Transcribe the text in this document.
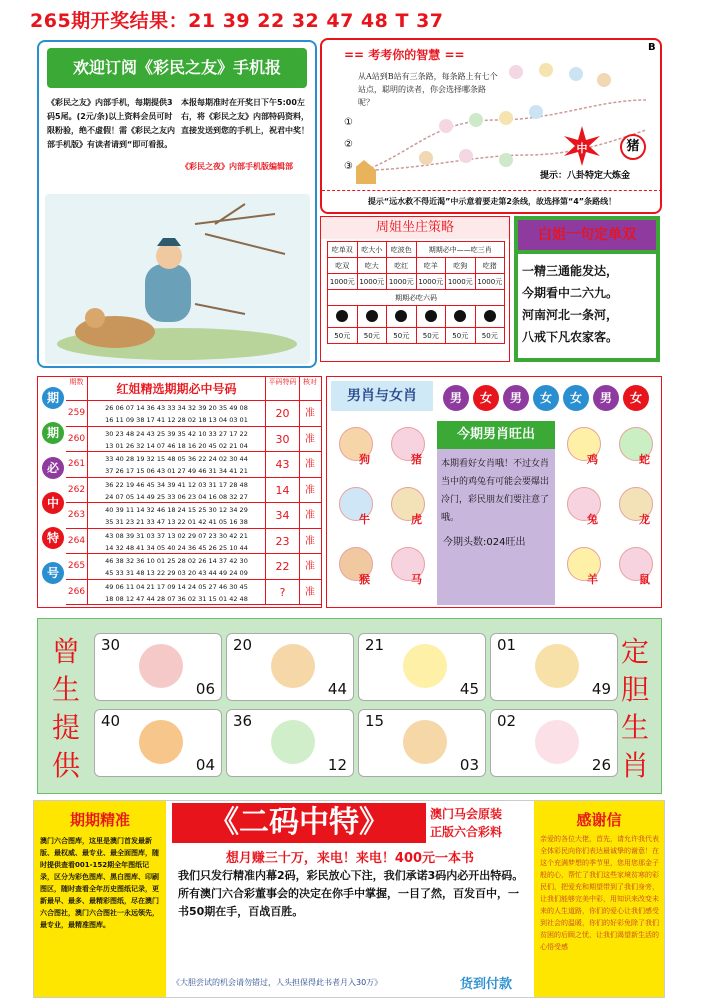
265期开奖结果：21 39 22 32 47 48 T 37
欢迎订阅《彩民之友》手机报
《彩民之友》内部手机，每期提供3码5尾。(2元/条)以上资料会员可时限粉验，绝不虚假！需《彩民之友内部手机版》有读者请到“即可看报。
本报每期准时在开奖日下午5:00左右，将《彩民之友》内部特码资料，直接发送到您的手机上，祝君中奖！
《彩民之夜》内部手机版编辑部
== 考考你的智慧 ==
B
从A站到B站有三条路，每条路上有七个站点，聪明的读者，你会选择哪条路呢？
①
②
③
中	猪
提示：八卦特定大炼金
提示“远水救不得近渴”中示意着要走第2条线，故选择第“4”条路线！
周姐坐庄策略
吃单双	吃大小	吃波色	期期必中——吃三肖		
吃双	吃大	吃红	吃羊	吃狗	吃猪
1000元	1000元	1000元	1000元	1000元	1000元
期期必吃六码					

50元	50元	50元	50元	50元	50元
白姐一句定单双
一精三通能发达，
今期看中二六九。
河南河北一条河，
八戒下凡农家客。
期 期 必 中 特 号
期数	红姐精选期期必中号码	平码特码 核对
259	26 06 07 14 36 43 33 34 32 39 20 35 49 08
16 11 09 38 17 41 12 28 02 18 13 04 03 01	20	准
260	30 23 48 24 43 25 39 35 42 10 33 27 17 22
13 01 26 32 14 07 46 18 16 20 45 02 21 04	30	准
261	33 40 28 19 32 15 48 05 36 22 24 02 30 44
37 26 17 15 06 43 01 27 49 46 31 34 41 21	43	准
262	36 22 19 46 45 34 39 41 12 03 31 17 28 48
24 07 05 14 49 25 33 06 23 04 16 08 32 27	14	准
263	40 39 11 14 32 46 18 24 15 25 30 12 34 29
35 31 23 21 33 47 13 22 01 42 41 05 16 38	34	准
264	43 08 39 31 03 37 13 02 29 07 23 30 42 21
14 32 48 41 34 05 40 24 36 45 26 25 10 44	23	准
265	46 38 32 36 10 01 25 28 02 26 14 37 42 30
45 33 31 48 13 22 29 03 20 43 44 49 24 09	22	准
266	49 06 11 04 21 17 09 14 24 05 27 46 30 45
18 08 12 47 44 28 07 36 02 31 15 01 42 48	?	准
男肖与女肖	男 女 男 女 女 男 女
狗	猪
牛	虎
猴	马
今期男肖旺出
本期看好女肖哦！不过女肖当中的鸡兔有可能会要爆出冷门，彩民朋友们要注意了哦。
今期头数:024旺出
鸡	蛇
兔	龙
羊	鼠
曾
生
提
供
定
胆
生
肖
30
06
20
44
21
45
01
49
40
04
36
12
15
03
02
26
期期精准
澳门六合图库，这里是澳门首发最新版、最权威、最专业、最全面图库，随时提供查看001-152期全年图纸记录，区分为彩色图库、黑白图库、印刷图区，随时查看全年历史图纸记录，更新最早、最多、最精彩图纸，尽在澳门六合图社，澳门六合图社一永远领先，最专业，最精准图库。
《二码中特》	澳门马会原装
正版六合彩料
想月赚三十万，来电！来电！400元一本书
我们只发行精准内幕2码，彩民放心下注，我们承诺3码内必开出特码。所有澳门六合彩董事会的决定在你手中掌握，一目了然，百发百中，一书50期在手，百战百胜。
《大胆尝试的机会请勿错过，人头担保得此书者月入30万》	货到付款
感谢信
亲爱的各位大佬，首先，请允许我代表全体彩民向你们表达最诚挚的谢意！在这个充满梦想的季节里，您用您那金子般的心，帮忙了我们这些家境贫寒的彩民们，把爱充和期望带到了我们身旁，让我们能够完美中彩，用知识来改变未来的人生道路，你们的爱心让我们感受到社会的温暖，你们的好彩免除了我们贫困的后顾之忧，让我们渴望新生活的心悟受感
